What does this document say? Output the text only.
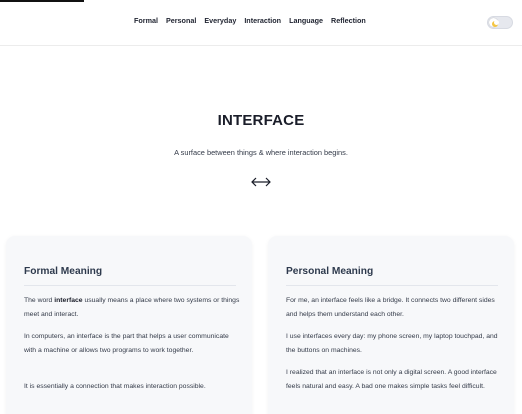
Formal Personal Everyday Interaction Language Reflection
INTERFACE

A surface between things & where interaction begins.

Formal Meaning

The word interface usually means a place where two systems or things meet and interact.

In computers, an interface is the part that helps a user communicate with a machine or allows two programs to work together.

It is essentially a connection that makes interaction possible.

Personal Meaning

For me, an interface feels like a bridge. It connects two different sides and helps them understand each other.

I use interfaces every day: my phone screen, my laptop touchpad, and the buttons on machines.

I realized that an interface is not only a digital screen. A good interface feels natural and easy. A bad one makes simple tasks feel difficult.
